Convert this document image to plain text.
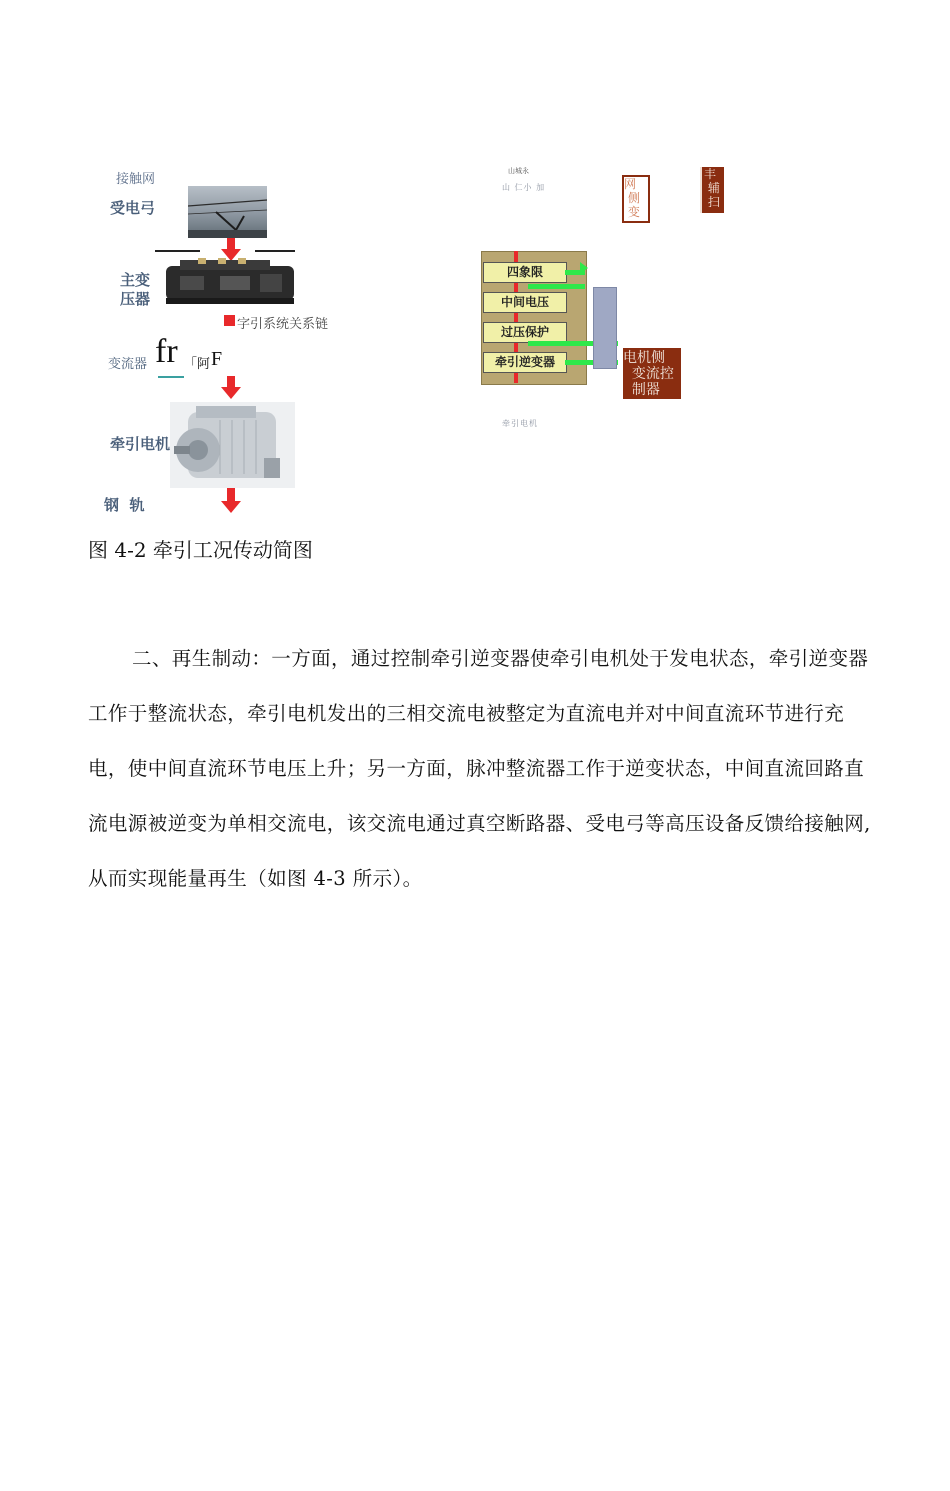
接触网
受电弓
主变
压器
字引系统关系链
变流器 fr 「阿 F
牵引电机
钢  轨
山城永
山 仁小 加	网
侧
变
丰
辅
扫
四象限
中间电压
过压保护
牵引逆变器	电机侧
变流控
制器
牵引电机
图 4-2 牵引工况传动简图
二、再生制动：一方面，通过控制牵引逆变器使牵引电机处于发电状态，牵引逆变器工作于整流状态，牵引电机发出的三相交流电被整定为直流电并对中间直流环节进行充电，使中间直流环节电压上升；另一方面，脉冲整流器工作于逆变状态，中间直流回路直流电源被逆变为单相交流电，该交流电通过真空断路器、受电弓等高压设备反馈给接触网, 从而实现能量再生（如图 4-3 所示）。
